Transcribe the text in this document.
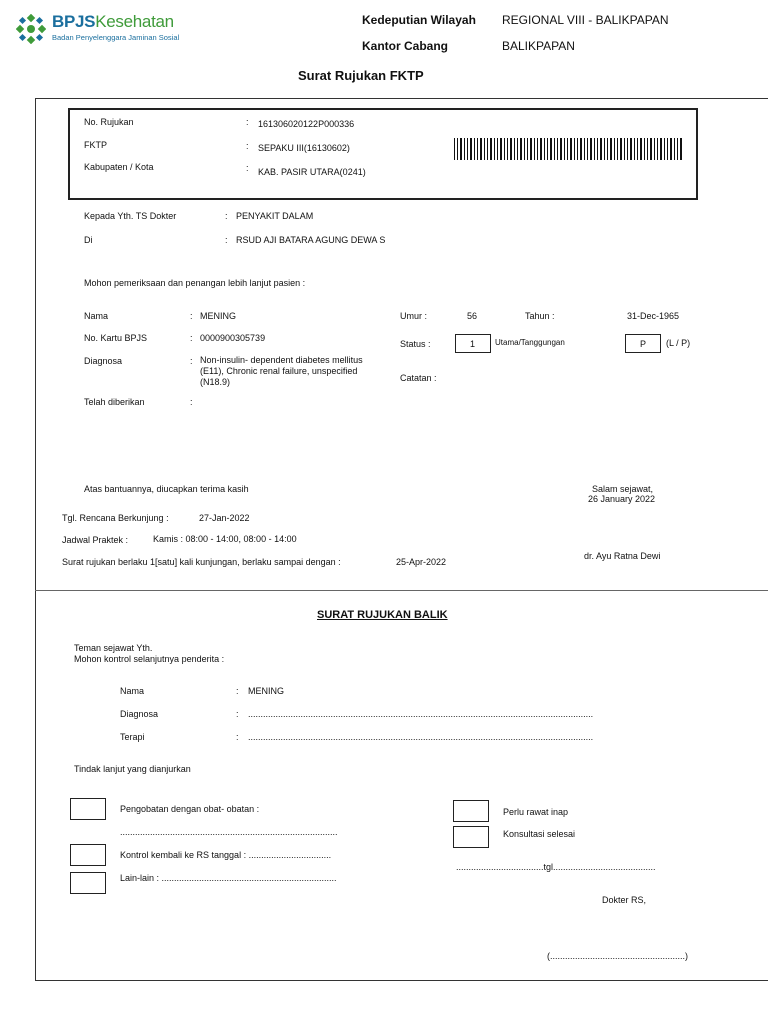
BPJSKesehatan
Badan Penyelenggara Jaminan Sosial
Kedeputian Wilayah REGIONAL VIII - BALIKPAPAN
Kantor Cabang	BALIKPAPAN
Surat Rujukan FKTP
No. Rujukan	: 161306020122P000336
FKTP	: SEPAKU III(16130602)
Kabupaten / Kota	: KAB. PASIR UTARA(0241)
Kepada Yth. TS Dokter	: PENYAKIT DALAM
Di	: RSUD AJI BATARA AGUNG DEWA S
Mohon pemeriksaan dan penangan lebih lanjut pasien :
Nama	: MENING
No. Kartu BPJS	: 0000900305739
Diagnosa	: Non-insulin- dependent diabetes mellitus (E11), Chronic renal failure, unspecified (N18.9)
Telah diberikan	:
Umur :	56	Tahun :	31-Dec-1965
Status :	1 Utama/Tanggungan	P (L / P)
Catatan :
Atas bantuannya, diucapkan terima kasih	Salam sejawat,
26 January 2022
Tgl. Rencana Berkunjung :	27-Jan-2022
Jadwal Praktek :	Kamis : 08:00 - 14:00, 08:00 - 14:00
Surat rujukan berlaku 1[satu] kali kunjungan, berlaku sampai dengan :	25-Apr-2022
dr. Ayu Ratna Dewi
SURAT RUJUKAN BALIK
Teman sejawat Yth.
Mohon kontrol selanjutnya penderita :
Nama	: MENING
Diagnosa	: ..........................................................................................................................................
Terapi	: ..........................................................................................................................................
Tindak lanjut yang dianjurkan
Pengobatan dengan obat- obatan :
.......................................................................................
Kontrol kembali ke RS tanggal : .................................
Lain-lain : ......................................................................
Perlu rawat inap
Konsultasi selesai
...................................tgl.........................................
Dokter RS,
(......................................................)
